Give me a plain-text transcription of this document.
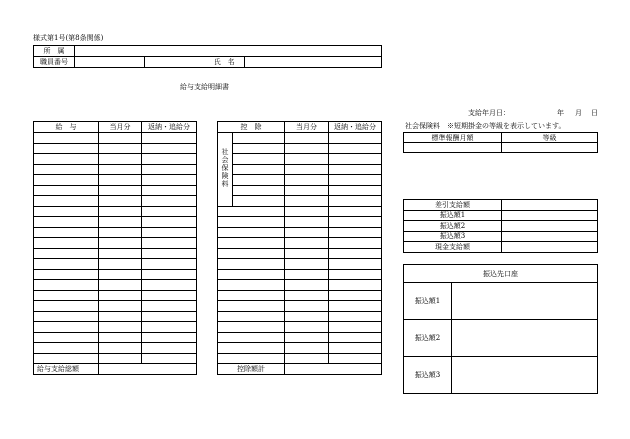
様式第1号(第8条関係)
所　属				
職員番号			氏　名	
給与支給明細書
支給年月日：	年 月 日
給　与	当月分	返納・追給分

給与支給総額		
控　除		当月分	返納・追給分
社会保険料			

控除額計			
社会保険料　※短期掛金の等級を表示しています。
標準報酬月額	等級

差引支給額	
振込額1	
振込額2	
振込額3	
現金支給額	
振込先口座	
振込額1	
振込額2	
振込額3	
